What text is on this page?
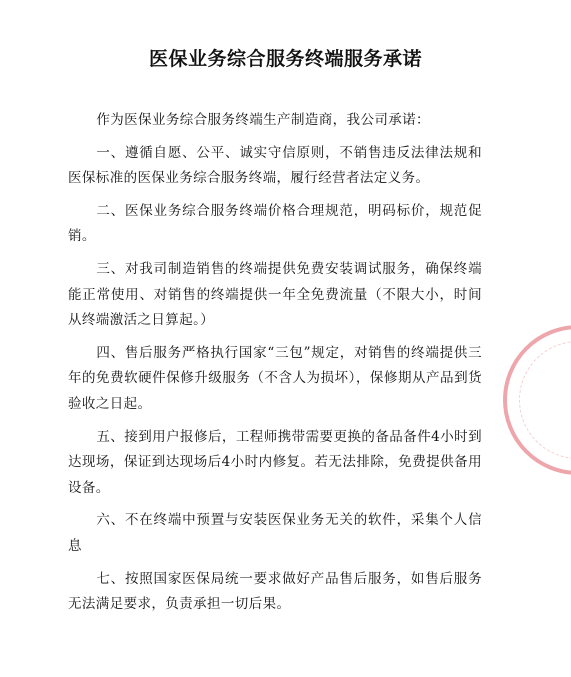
医保业务综合服务终端服务承诺

作为医保业务综合服务终端生产制造商，我公司承诺：

一、遵循自愿、公平、诚实守信原则，不销售违反法律法规和医保标准的医保业务综合服务终端，履行经营者法定义务。

二、医保业务综合服务终端价格合理规范，明码标价，规范促销。

三、对我司制造销售的终端提供免费安装调试服务，确保终端能正常使用、对销售的终端提供一年全免费流量（不限大小，时间从终端激活之日算起。）

四、售后服务严格执行国家“三包”规定，对销售的终端提供三年的免费软硬件保修升级服务（不含人为损坏），保修期从产品到货验收之日起。

五、接到用户报修后，工程师携带需要更换的备品备件4小时到达现场，保证到达现场后4小时内修复。若无法排除，免费提供备用设备。

六、不在终端中预置与安装医保业务无关的软件，采集个人信息

七、按照国家医保局统一要求做好产品售后服务，如售后服务无法满足要求，负责承担一切后果。
